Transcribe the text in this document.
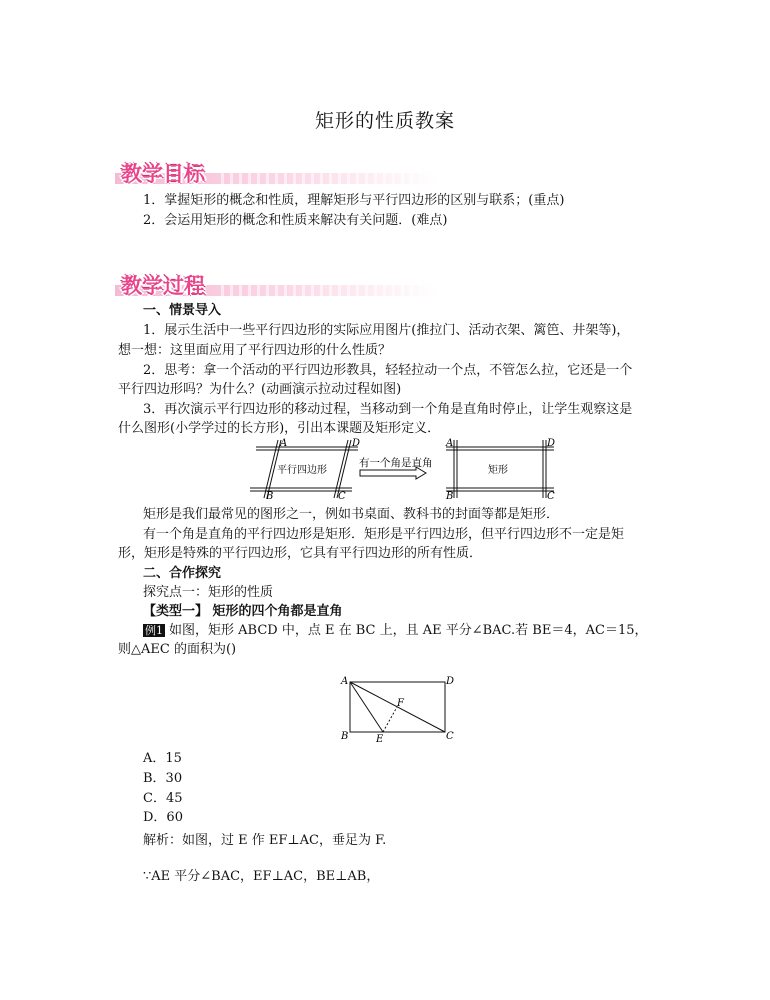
矩形的性质教案
教学目标
1．掌握矩形的概念和性质，理解矩形与平行四边形的区别与联系；(重点)
2．会运用矩形的概念和性质来解决有关问题．(难点)
教学过程
一、情景导入
1．展示生活中一些平行四边形的实际应用图片(推拉门、活动衣架、篱笆、井架等)，
想一想：这里面应用了平行四边形的什么性质？
2．思考：拿一个活动的平行四边形教具，轻轻拉动一个点，不管怎么拉，它还是一个
平行四边形吗？为什么？(动画演示拉动过程如图)
3．再次演示平行四边形的移动过程，当移动到一个角是直角时停止，让学生观察这是
什么图形(小学学过的长方形)，引出本课题及矩形定义．
A	D
B	C
平行四边形
有一个角是直角
A	D
B	C
矩形
矩形是我们最常见的图形之一，例如书桌面、教科书的封面等都是矩形．
有一个角是直角的平行四边形是矩形．矩形是平行四边形，但平行四边形不一定是矩
形，矩形是特殊的平行四边形，它具有平行四边形的所有性质．
二、合作探究
探究点一：矩形的性质
【类型一】 矩形的四个角都是直角
例1 如图，矩形 ABCD 中，点 E 在 BC 上，且 AE 平分∠BAC.若 BE＝4，AC＝15，
则△AEC 的面积为()
A	D
B	C
E
F
A．15
B．30
C．45
D．60
解析：如图，过 E 作 EF⊥AC，垂足为 F.
∵AE 平分∠BAC，EF⊥AC，BE⊥AB，
